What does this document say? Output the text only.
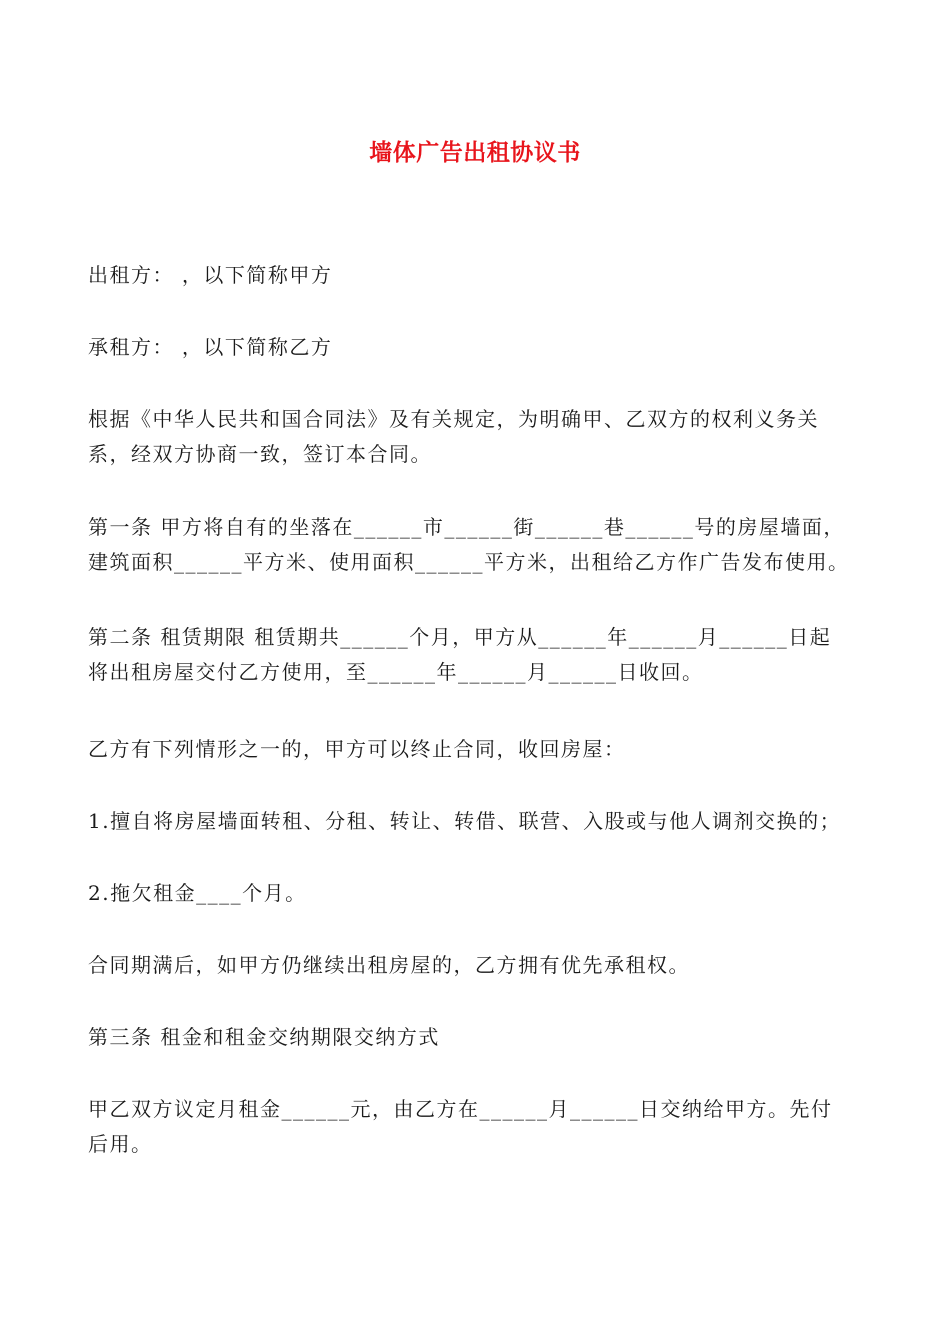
墙体广告出租协议书
出租方： ，以下简称甲方
承租方： ，以下简称乙方
根据《中华人民共和国合同法》及有关规定，为明确甲、乙双方的权利义务关
系，经双方协商一致，签订本合同。
第一条 甲方将自有的坐落在______市______街______巷______号的房屋墙面，
建筑面积______平方米、使用面积______平方米，出租给乙方作广告发布使用。
第二条 租赁期限 租赁期共______个月，甲方从______年______月______日起
将出租房屋交付乙方使用，至______年______月______日收回。
乙方有下列情形之一的，甲方可以终止合同，收回房屋：
1.擅自将房屋墙面转租、分租、转让、转借、联营、入股或与他人调剂交换的；
2.拖欠租金____个月。
合同期满后，如甲方仍继续出租房屋的，乙方拥有优先承租权。
第三条 租金和租金交纳期限交纳方式
甲乙双方议定月租金______元，由乙方在______月______日交纳给甲方。先付
后用。
